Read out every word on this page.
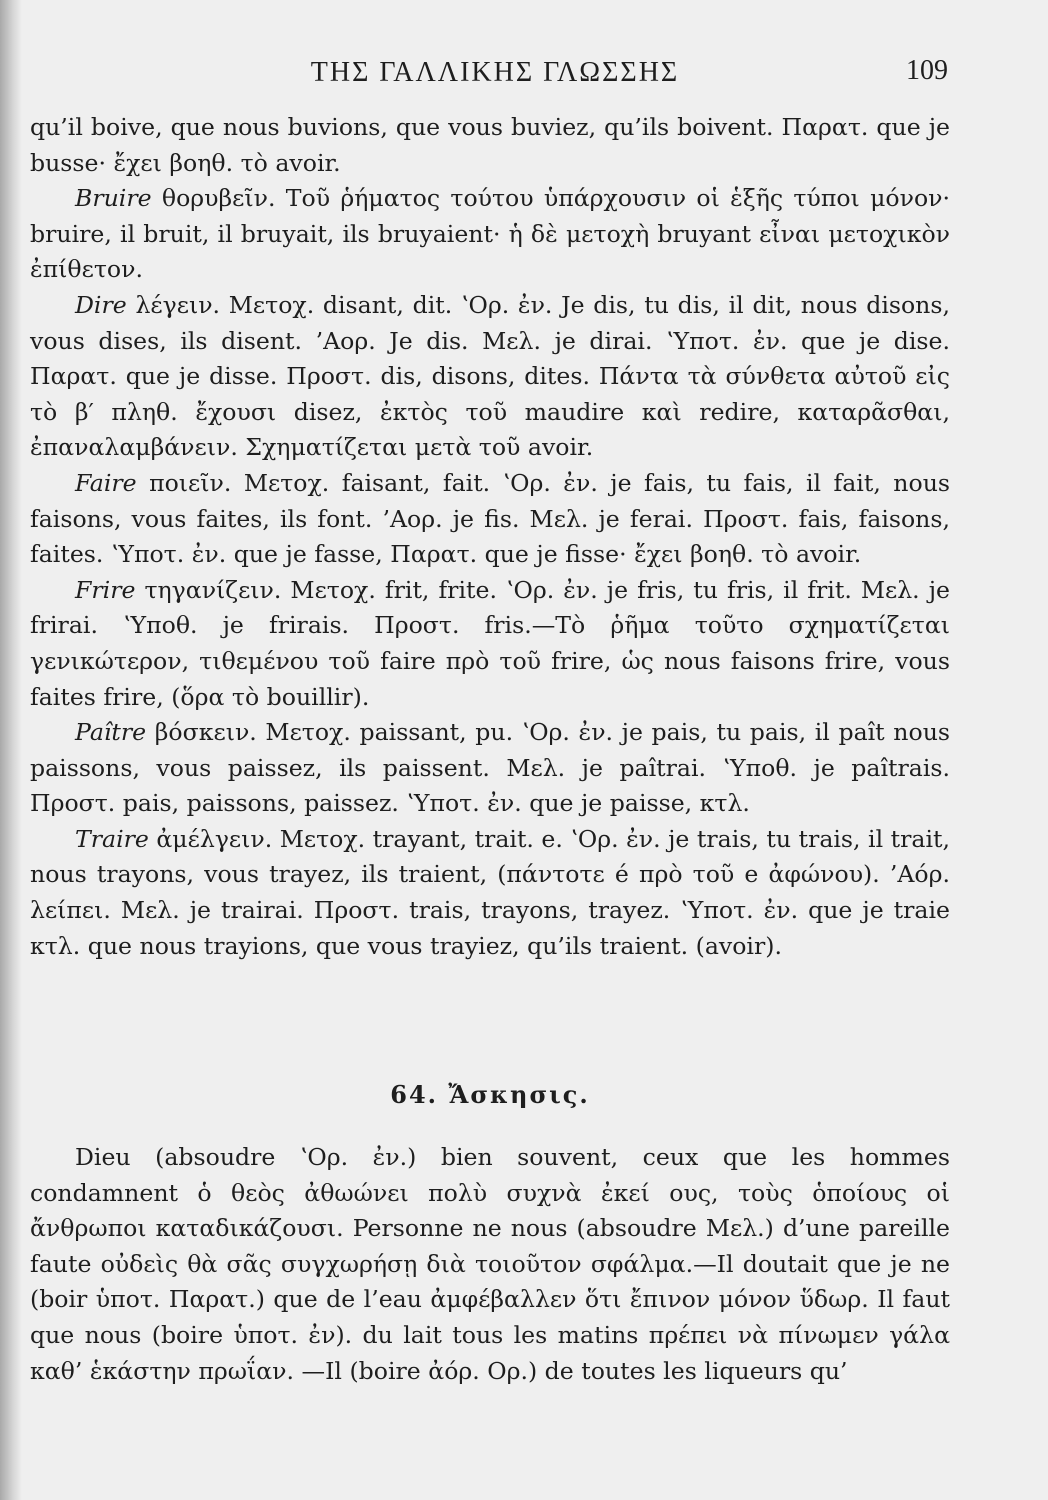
ΤΗΣ ΓΑΛΛΙΚΗΣ ΓΛΩΣΣΗΣ	109

qu’il boive, que nous buvions, que vous buviez, qu’ils boivent. Παρατ. que je busse· ἔχει βοηθ. τὸ avoir.

Bruire θορυβεῖν. Τοῦ ῥήματος τούτου ὑπάρχουσιν οἱ ἑξῆς τύποι μόνον· bruire, il bruit, il bruyait, ils bruyaient· ἡ δὲ μετοχὴ bruyant εἶναι μετοχικὸν ἐπίθετον.

Dire λέγειν. Μετοχ. disant, dit. ʽΟρ. ἐν. Je dis, tu dis, il dit, nous disons, vous dises, ils disent. ’Αορ. Je dis. Μελ. je dirai. ʽΥποτ. ἐν. que je dise. Παρατ. que je disse. Προστ. dis, disons, dites. Πάντα τὰ σύνθετα αὐτοῦ εἰς τὸ β′ πληθ. ἔχουσι disez, ἐκτὸς τοῦ maudire καὶ redire, καταρᾶσθαι, ἐπαναλαμβάνειν. Σχηματίζεται μετὰ τοῦ avoir.

Faire ποιεῖν. Μετοχ. faisant, fait. ʽΟρ. ἐν. je fais, tu fais, il fait, nous faisons, vous faites, ils font. ’Αορ. je fis. Μελ. je ferai. Προστ. fais, faisons, faites. ʽΥποτ. ἐν. que je fasse, Παρατ. que je fisse· ἔχει βοηθ. τὸ avoir.

Frire τηγανίζειν. Μετοχ. frit, frite. ʽΟρ. ἐν. je fris, tu fris, il frit. Μελ. je frirai. ʽΥποθ. je frirais. Προστ. fris.—Τὸ ῥῆμα τοῦτο σχηματίζεται γενικώτερον, τιθεμένου τοῦ faire πρὸ τοῦ frire, ὡς nous faisons frire, vous faites frire, (ὅρα τὸ bouillir).

Paître βόσκειν. Μετοχ. paissant, pu. ʽΟρ. ἐν. je pais, tu pais, il paît nous paissons, vous paissez, ils paissent. Μελ. je paîtrai. ʽΥποθ. je paîtrais. Προστ. pais, paissons, paissez. ʽΥποτ. ἐν. que je paisse, κτλ.

Traire ἀμέλγειν. Μετοχ. trayant, trait. e. ʽΟρ. ἐν. je trais, tu trais, il trait, nous trayons, vous trayez, ils traient, (πάντοτε é πρὸ τοῦ e ἀφώνου). ’Αόρ. λείπει. Μελ. je trairai. Προστ. trais, trayons, trayez. ʽΥποτ. ἐν. que je traie κτλ. que nous trayions, que vous trayiez, qu’ils traient. (avoir).

64. Ἄσκησις.

Dieu (absoudre ʽΟρ. ἐν.) bien souvent, ceux que les hommes condamnent ὁ θεὸς ἀθωώνει πολὺ συχνὰ ἐκεί ους, τοὺς ὁποίους οἱ ἄνθρωποι καταδικάζουσι. Personne ne nous (absoudre Μελ.) d’une pareille faute οὐδεὶς θὰ σᾶς συγχωρήσῃ διὰ τοιοῦτον σφάλμα.—Il doutait que je ne (boir ὑποτ. Παρατ.) que de l’eau ἀμφέβαλλεν ὅτι ἔπινον μόνον ὕδωρ. Il faut que nous (boire ὑποτ. ἐν). du lait tous les matins πρέπει νὰ πίνωμεν γάλα καθ’ ἑκάστην πρωΐαν. —Il (boire ἀόρ. Ορ.) de toutes les liqueurs qu’
